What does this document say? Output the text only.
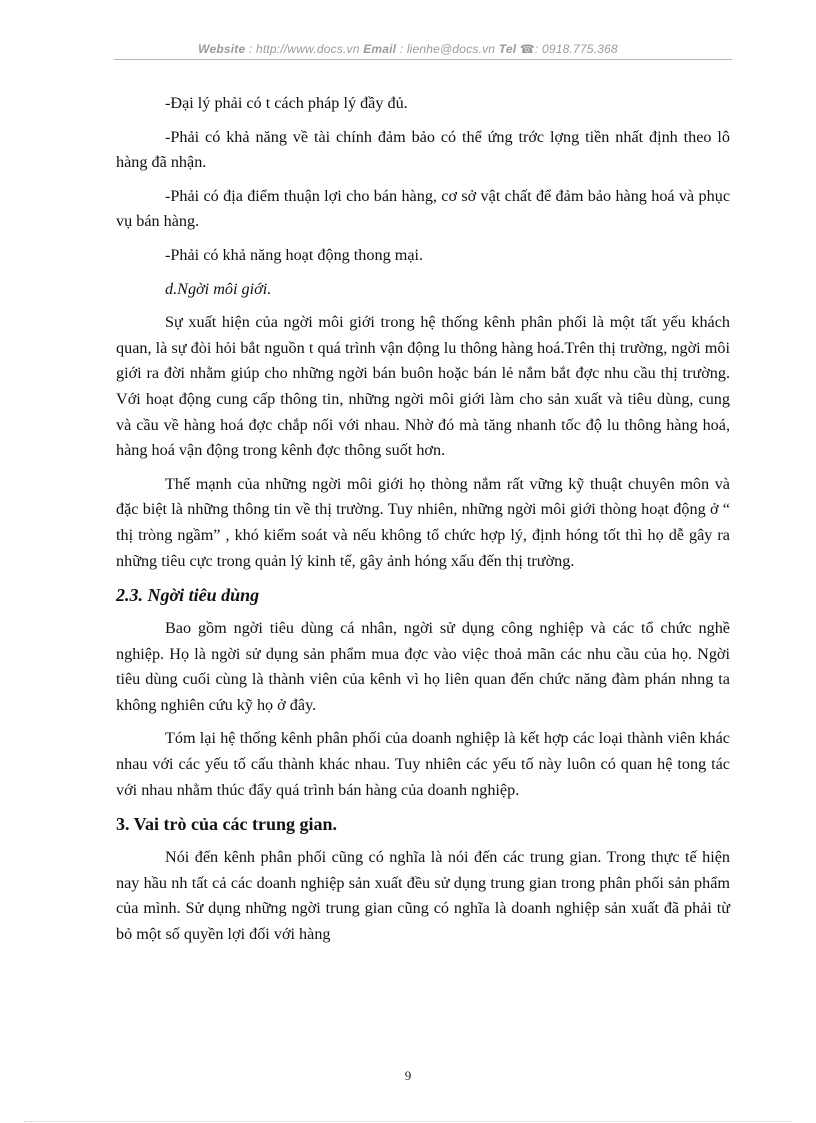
Website : http://www.docs.vn Email : lienhe@docs.vn Tel ☎: 0918.775.368

-Đại lý phải có t cách pháp lý đầy đủ.

-Phải có khả năng về tài chính đảm bảo có thể ứng trớc lợng tiền nhất định theo lô hàng đã nhận.

-Phải có địa điểm thuận lợi cho bán hàng, cơ sở vật chất để đảm bảo hàng hoá và phục vụ bán hàng.

-Phải có khả năng hoạt động thong mại.

d.Ngời môi giới.

Sự xuất hiện của ngời môi giới trong hệ thống kênh phân phối là một tất yếu khách quan, là sự đòi hỏi bắt nguồn t quá trình vận động lu thông hàng hoá.Trên thị trường, ngời môi giới ra đời nhằm giúp cho những ngời bán buôn hoặc bán lẻ nắm bắt đợc nhu cầu thị trường. Với hoạt động cung cấp thông tin, những ngời môi giới làm cho sản xuất và tiêu dùng, cung và cầu về hàng hoá đợc chắp nối với nhau. Nhờ đó mà tăng nhanh tốc độ lu thông hàng hoá, hàng hoá vận động trong kênh đợc thông suốt hơn.

Thế mạnh của những ngời môi giới họ thòng nắm rất vững kỹ thuật chuyên môn và đặc biệt là những thông tin về thị trường. Tuy nhiên, những ngời môi giới thòng hoạt động ở “ thị tròng ngầm” , khó kiểm soát và nếu không tổ chức hợp lý, định hóng tốt thì họ dễ gây ra những tiêu cực trong quản lý kinh tế, gây ảnh hóng xấu đến thị trường.

2.3. Ngời tiêu dùng

Bao gồm ngời tiêu dùng cá nhân, ngời sử dụng công nghiệp và các tổ chức nghề nghiệp. Họ là ngời sử dụng sản phẩm mua đợc vào việc thoả mãn các nhu cầu của họ. Ngời tiêu dùng cuối cùng là thành viên của kênh vì họ liên quan đến chức năng đàm phán nhng ta không nghiên cứu kỹ họ ở đây.

Tóm lại hệ thống kênh phân phối của doanh nghiệp là kết hợp các loại thành viên khác nhau với các yếu tố cấu thành khác nhau. Tuy nhiên các yếu tố này luôn có quan hệ tong tác với nhau nhằm thúc đẩy quá trình bán hàng của doanh nghiệp.

3. Vai trò của các trung gian.

Nói đến kênh phân phối cũng có nghĩa là nói đến các trung gian. Trong thực tế hiện nay hầu nh tất cả các doanh nghiệp sản xuất đều sử dụng trung gian trong phân phối sản phẩm của mình. Sử dụng những ngời trung gian cũng có nghĩa là doanh nghiệp sản xuất đã phải từ bỏ một số quyền lợi đối với hàng

9
